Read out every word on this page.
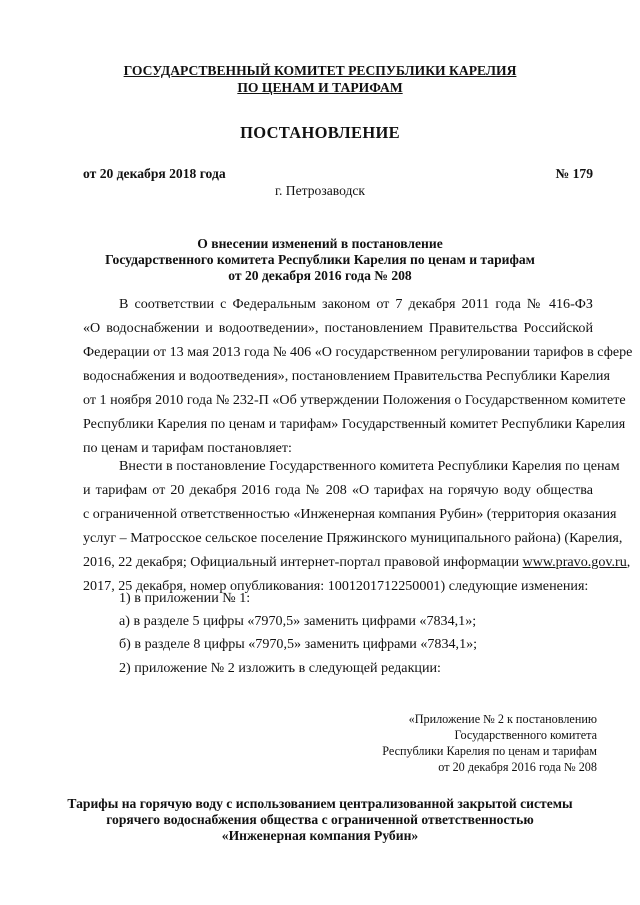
ГОСУДАРСТВЕННЫЙ КОМИТЕТ РЕСПУБЛИКИ КАРЕЛИЯ
ПО ЦЕНАМ И ТАРИФАМ
ПОСТАНОВЛЕНИЕ
от 20 декабря 2018 года	№ 179
г. Петрозаводск
О внесении изменений в постановление
Государственного комитета Республики Карелия по ценам и тарифам
от 20 декабря 2016 года № 208
В соответствии с Федеральным законом от 7 декабря 2011 года № 416-ФЗ
«О водоснабжении и водоотведении», постановлением Правительства Российской
Федерации от 13 мая 2013 года № 406 «О государственном регулировании тарифов в сфере
водоснабжения и водоотведения», постановлением Правительства Республики Карелия
от 1 ноября 2010 года № 232-П «Об утверждении Положения о Государственном комитете
Республики Карелия по ценам и тарифам» Государственный комитет Республики Карелия
по ценам и тарифам постановляет:
Внести в постановление Государственного комитета Республики Карелия по ценам
и тарифам от 20 декабря 2016 года № 208 «О тарифах на горячую воду общества
с ограниченной ответственностью «Инженерная компания Рубин» (территория оказания
услуг – Матросское сельское поселение Пряжинского муниципального района) (Карелия,
2016, 22 декабря; Официальный интернет-портал правовой информации www.pravo.gov.ru,
2017, 25 декабря, номер опубликования: 1001201712250001) следующие изменения:
1) в приложении № 1:
а) в разделе 5 цифры «7970,5» заменить цифрами «7834,1»;
б) в разделе 8 цифры «7970,5» заменить цифрами «7834,1»;
2) приложение № 2 изложить в следующей редакции:
«Приложение № 2 к постановлению
Государственного комитета
Республики Карелия по ценам и тарифам
от 20 декабря 2016 года № 208
Тарифы на горячую воду с использованием централизованной закрытой системы
горячего водоснабжения общества с ограниченной ответственностью
«Инженерная компания Рубин»
